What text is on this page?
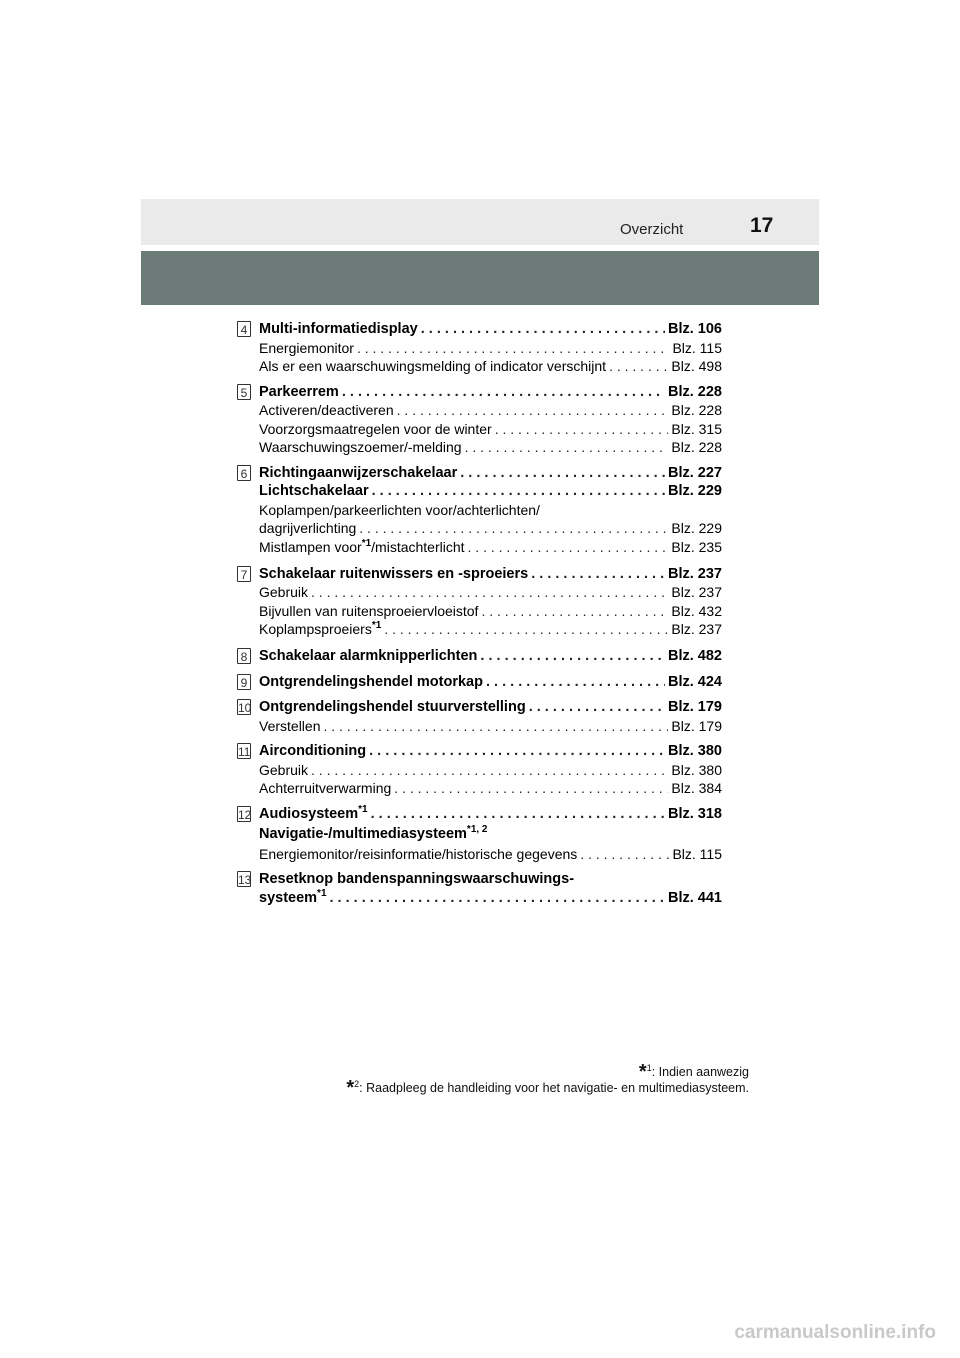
Overzicht	17
4 Multi-informatiedisplay . . .	Blz. 106
Energiemonitor . . .	Blz. 115
Als er een waarschuwingsmelding of indicator verschijnt . . .	Blz. 498
5 Parkeerrem . . .	Blz. 228
Activeren/deactiveren . . .	Blz. 228
Voorzorgsmaatregelen voor de winter . . .	Blz. 315
Waarschuwingszoemer/-melding . . .	Blz. 228
6 Richtingaanwijzerschakelaar . . .	Blz. 227
Lichtschakelaar . . .	Blz. 229
Koplampen/parkeerlichten voor/achterlichten/
dagrijverlichting . . .	Blz. 229
Mistlampen voor$^{*1}$/mistachterlicht . . .	Blz. 235
7 Schakelaar ruitenwissers en -sproeiers . . .	Blz. 237
Gebruik . . .	Blz. 237
Bijvullen van ruitensproeiervloeistof . . .	Blz. 432
Koplampsproeiers$^{*1}$ . . .	Blz. 237
8 Schakelaar alarmknipperlichten . . .	Blz. 482
9 Ontgrendelingshendel motorkap . . .	Blz. 424
10 Ontgrendelingshendel stuurverstelling . . .	Blz. 179
Verstellen . . .	Blz. 179
11 Airconditioning . . .	Blz. 380
Gebruik . . .	Blz. 380
Achterruitverwarming . . .	Blz. 384
12 Audiosysteem$^{*1}$ . . .	Blz. 318
Navigatie-/multimediasysteem$^{*1, 2}$
Energiemonitor/reisinformatie/historische gegevens . . .	Blz. 115
13 Resetknop bandenspanningswaarschuwings-
systeem$^{*1}$ . . .	Blz. 441
*$^1$: Indien aanwezig
*$^2$: Raadpleeg de handleiding voor het navigatie- en multimediasysteem.
carmanualsonline.info
